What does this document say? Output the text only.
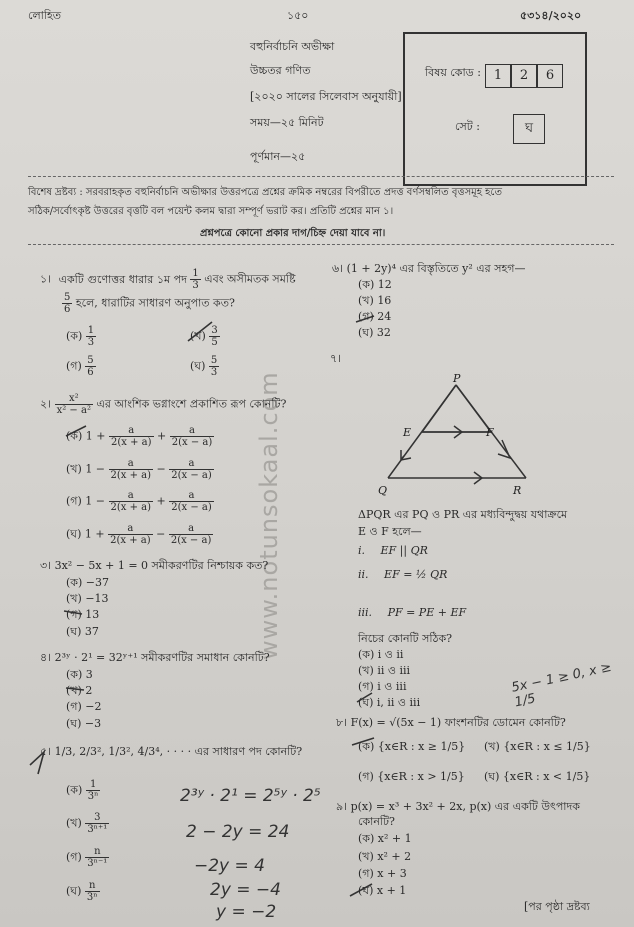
লোহিত	১৫০	৫৩১৪/২০২০
বহুনির্বাচনি অভীক্ষা
উচ্চতর গণিত
[২০২০ সালের সিলেবাস অনুযায়ী]
সময়—২৫ মিনিট
পূর্ণমান—২৫
বিষয় কোড : 1	2	6
সেট :	ঘ
বিশেষ দ্রষ্টব্য : সরবরাহকৃত বহুনির্বাচনি অভীক্ষার উত্তরপত্রে প্রশ্নের ক্রমিক নম্বরের বিপরীতে প্রদত্ত বর্ণসম্বলিত বৃত্তসমূহ হতে
সঠিক/সর্বোৎকৃষ্ট উত্তরের বৃত্তটি বল পয়েন্ট কলম দ্বারা সম্পূর্ণ ভরাট কর। প্রতিটি প্রশ্নের মান ১।
প্রশ্নপত্রে কোনো প্রকার দাগ/চিহ্ন দেয়া যাবে না।
www.notunsokaal.com
১। একটি গুণোত্তর ধারার ১ম পদ $\frac{1}{3}$ এবং অসীমতক সমষ্টি
$\frac{5}{6}$ হলে, ধারাটির সাধারণ অনুপাত কত?
(ক) $\frac{1}{3}$	(খ) $\frac{3}{5}$
(গ) $\frac{5}{6}$	(ঘ) $\frac{5}{3}$
২। $\frac{\text{x²}}{\text{x² − a²}}$ এর আংশিক ভগ্নাংশে প্রকাশিত রূপ কোনটি?
(ক) $1 + \frac{a}{2(x + a)} + \frac{a}{2(x - a)}$
(খ) $1 - \frac{a}{2(x + a)} - \frac{a}{2(x - a)}$
(গ) $1 - \frac{a}{2(x + a)} + \frac{a}{2(x - a)}$
(ঘ) $1 + \frac{a}{2(x + a)} - \frac{a}{2(x - a)}$
৩। 3x² − 5x + 1 = 0 সমীকরণটির নিশ্চায়ক কত?
(ক) −37
(খ) −13
(গ) 13
(ঘ) 37
৪। 2³ʸ · 2¹ = 32ʸ⁺¹ সমীকরণটির সমাধান কোনটি?
(ক) 3
(খ) 2
(গ) −2
(ঘ) −3
৫। 1/3, 2/3², 1/3², 4/3⁴, · · · · এর সাধারণ পদ কোনটি?
(ক) $\frac{1}{\text{3ⁿ}}$
(খ) $\frac{3}{\text{3ⁿ⁺¹}}$
(গ) $\frac{n}{\text{3ⁿ⁻¹}}$
(ঘ) $\frac{n}{\text{3ⁿ}}$
2³ʸ · 2¹ = 2⁵ʸ · 2⁵
2 − 2y = 24
−2y = 4
2y = −4
y = −2
৬। (1 + 2y)⁴ এর বিস্তৃতিতে y² এর সহগ—
(ক) 12
(খ) 16
(গ) 24
(ঘ) 32
৭।
P
E	F
Q	R
ΔPQR এর PQ ও PR এর মধ্যবিন্দুদ্বয় যথাক্রমে
E ও F হলে—
i. EF || QR
ii. EF = ½ QR
iii. PF = PE + EF
নিচের কোনটি সঠিক?
(ক) i ও ii
(খ) ii ও iii
(গ) i ও iii
(ঘ) i, ii ও iii
5x − 1 ≥ 0, x ≥ 1/5
৮। F(x) = √(5x − 1) ফাংশনটির ডোমেন কোনটি?
(ক) {x∈R : x ≥ 1/5} (খ) {x∈R : x ≤ 1/5}
(গ) {x∈R : x > 1/5} (ঘ) {x∈R : x < 1/5}
৯। p(x) = x³ + 3x² + 2x, p(x) এর একটি উৎপাদক
কোনটি?
(ক) x² + 1
(খ) x² + 2
(গ) x + 3
(ঘ) x + 1
[পর পৃষ্ঠা দ্রষ্টব্য
